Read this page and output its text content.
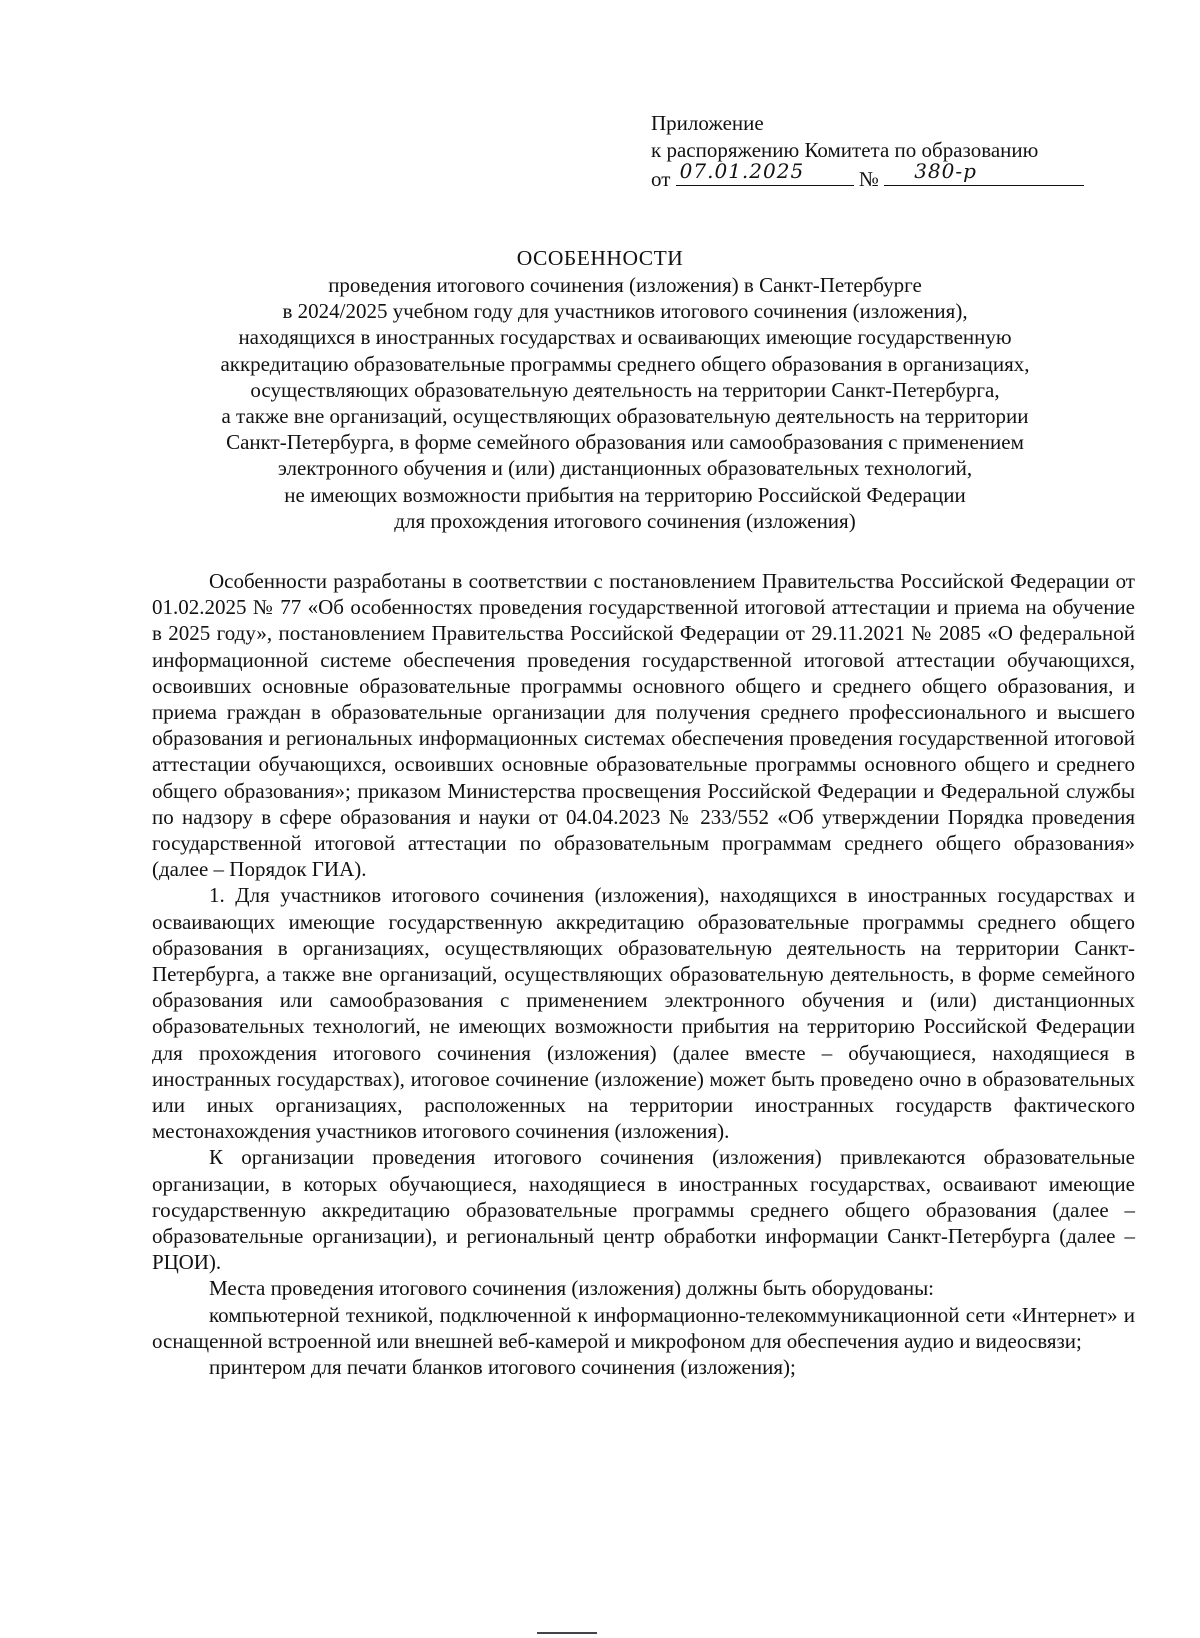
Приложение
к распоряжению Комитета по образованию
от 07.01.2025	№ 380-р
ОСОБЕННОСТИ
проведения итогового сочинения (изложения) в Санкт-Петербурге
в 2024/2025 учебном году для участников итогового сочинения (изложения),
находящихся в иностранных государствах и осваивающих имеющие государственную
аккредитацию образовательные программы среднего общего образования в организациях,
осуществляющих образовательную деятельность на территории Санкт-Петербурга,
а также вне организаций, осуществляющих образовательную деятельность на территории
Санкт-Петербурга, в форме семейного образования или самообразования с применением
электронного обучения и (или) дистанционных образовательных технологий,
не имеющих возможности прибытия на территорию Российской Федерации
для прохождения итогового сочинения (изложения)

Особенности разработаны в соответствии с постановлением Правительства Российской Федерации от 01.02.2025 № 77 «Об особенностях проведения государственной итоговой аттестации и приема на обучение в 2025 году», постановлением Правительства Российской Федерации от 29.11.2021 № 2085 «О федеральной информационной системе обеспечения проведения государственной итоговой аттестации обучающихся, освоивших основные образовательные программы основного общего и среднего общего образования, и приема граждан в образовательные организации для получения среднего профессионального и высшего образования и региональных информационных системах обеспечения проведения государственной итоговой аттестации обучающихся, освоивших основные образовательные программы основного общего и среднего общего образования»; приказом Министерства просвещения Российской Федерации и Федеральной службы по надзору в сфере образования и науки от 04.04.2023 № 233/552 «Об утверждении Порядка проведения государственной итоговой аттестации по образовательным программам среднего общего образования» (далее – Порядок ГИА).

1. Для участников итогового сочинения (изложения), находящихся в иностранных государствах и осваивающих имеющие государственную аккредитацию образовательные программы среднего общего образования в организациях, осуществляющих образовательную деятельность на территории Санкт-Петербурга, а также вне организаций, осуществляющих образовательную деятельность, в форме семейного образования или самообразования с применением электронного обучения и (или) дистанционных образовательных технологий, не имеющих возможности прибытия на территорию Российской Федерации для прохождения итогового сочинения (изложения) (далее вместе – обучающиеся, находящиеся в иностранных государствах), итоговое сочинение (изложение) может быть проведено очно в образовательных или иных организациях, расположенных на территории иностранных государств фактического местонахождения участников итогового сочинения (изложения).

К организации проведения итогового сочинения (изложения) привлекаются образовательные организации, в которых обучающиеся, находящиеся в иностранных государствах, осваивают имеющие государственную аккредитацию образовательные программы среднего общего образования (далее – образовательные организации), и региональный центр обработки информации Санкт-Петербурга (далее – РЦОИ).

Места проведения итогового сочинения (изложения) должны быть оборудованы:

компьютерной техникой, подключенной к информационно-телекоммуникационной сети «Интернет» и оснащенной встроенной или внешней веб-камерой и микрофоном для обеспечения аудио и видеосвязи;

принтером для печати бланков итогового сочинения (изложения);
